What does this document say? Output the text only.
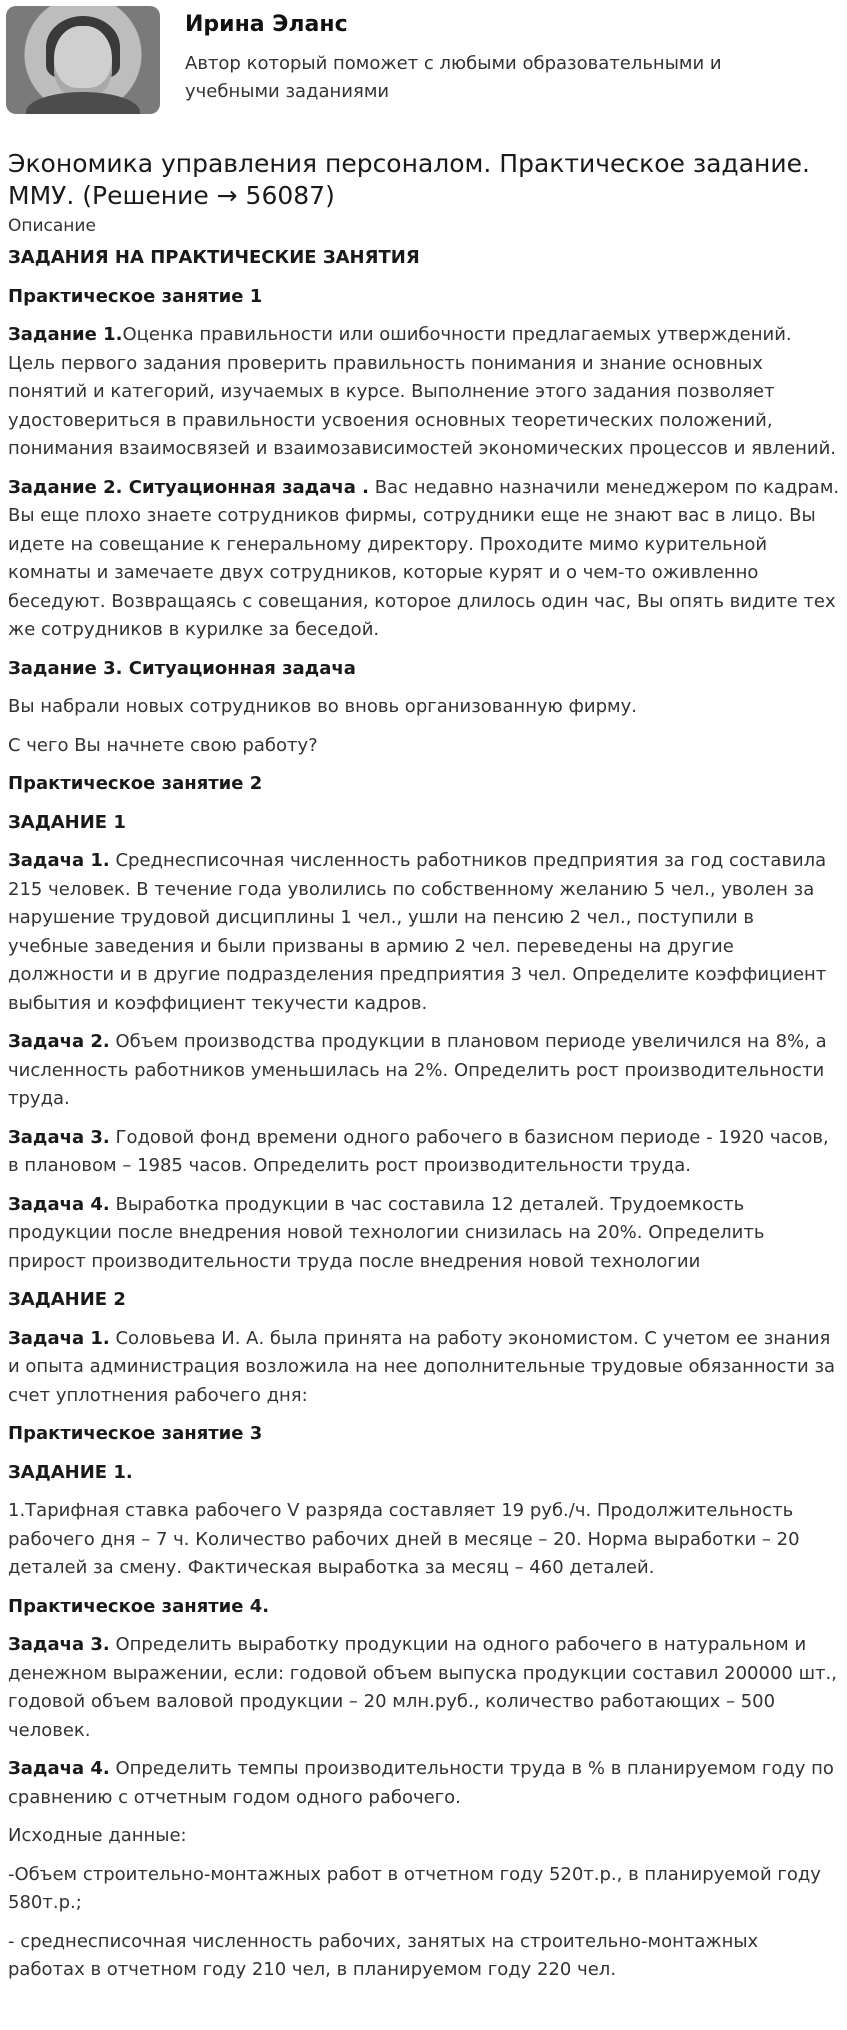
Ирина Эланс
Автор который поможет с любыми образовательными и учебными заданиями
Экономика управления персоналом. Практическое задание. ММУ. (Решение → 56087)
Описание

ЗАДАНИЯ НА ПРАКТИЧЕСКИЕ ЗАНЯТИЯ

Практическое занятие 1

Задание 1.Оценка правильности или ошибочности предлагаемых утверждений. Цель первого задания проверить правильность понимания и знание основных понятий и категорий, изучаемых в курсе. Выполнение этого задания позволяет удостовериться в правильности усвоения основных теоретических положений, понимания взаимосвязей и взаимозависимостей экономических процессов и явлений.

Задание 2. Ситуационная задача . Вас недавно назначили менеджером по кадрам. Вы еще плохо знаете сотрудников фирмы, сотрудники еще не знают вас в лицо. Вы идете на совещание к генеральному директору. Проходите мимо курительной комнаты и замечаете двух сотрудников, которые курят и о чем-то оживленно беседуют. Возвращаясь с совещания, которое длилось один час, Вы опять видите тех же сотрудников в курилке за беседой.

Задание 3. Ситуационная задача

Вы набрали новых сотрудников во вновь организованную фирму.

С чего Вы начнете свою работу?

Практическое занятие 2

ЗАДАНИЕ 1

Задача 1. Среднесписочная численность работников предприятия за год составила 215 человек. В течение года уволились по собственному желанию 5 чел., уволен за нарушение трудовой дисциплины 1 чел., ушли на пенсию 2 чел., поступили в учебные заведения и были призваны в армию 2 чел. переведены на другие должности и в другие подразделения предприятия 3 чел. Определите коэффициент выбытия и коэффициент текучести кадров.

Задача 2. Объем производства продукции в плановом периоде увеличился на 8%, а численность работников уменьшилась на 2%. Определить рост производительности труда.

Задача 3. Годовой фонд времени одного рабочего в базисном периоде - 1920 часов, в плановом – 1985 часов. Определить рост производительности труда.

Задача 4. Выработка продукции в час составила 12 деталей. Трудоемкость продукции после внедрения новой технологии снизилась на 20%. Определить прирост производительности труда после внедрения новой технологии

ЗАДАНИЕ 2

Задача 1. Соловьева И. А. была принята на работу экономистом. С учетом ее знания и опыта администрация возложила на нее дополнительные трудовые обязанности за счет уплотнения рабочего дня:

Практическое занятие 3

ЗАДАНИЕ 1.

1.Тарифная ставка рабочего V разряда составляет 19 руб./ч. Продолжительность рабочего дня – 7 ч. Количество рабочих дней в месяце – 20. Норма выработки – 20 деталей за смену. Фактическая выработка за месяц – 460 деталей.

Практическое занятие 4.

Задача 3. Определить выработку продукции на одного рабочего в натуральном и денежном выражении, если: годовой объем выпуска продукции составил 200000 шт., годовой объем валовой продукции – 20 млн.руб., количество работающих – 500 человек.

Задача 4. Определить темпы производительности труда в % в планируемом году по сравнению с отчетным годом одного рабочего.

Исходные данные:

-Объем строительно-монтажных работ в отчетном году 520т.р., в планируемой году 580т.р.;

- среднесписочная численность рабочих, занятых на строительно-монтажных работах в отчетном году 210 чел, в планируемом году 220 чел.
